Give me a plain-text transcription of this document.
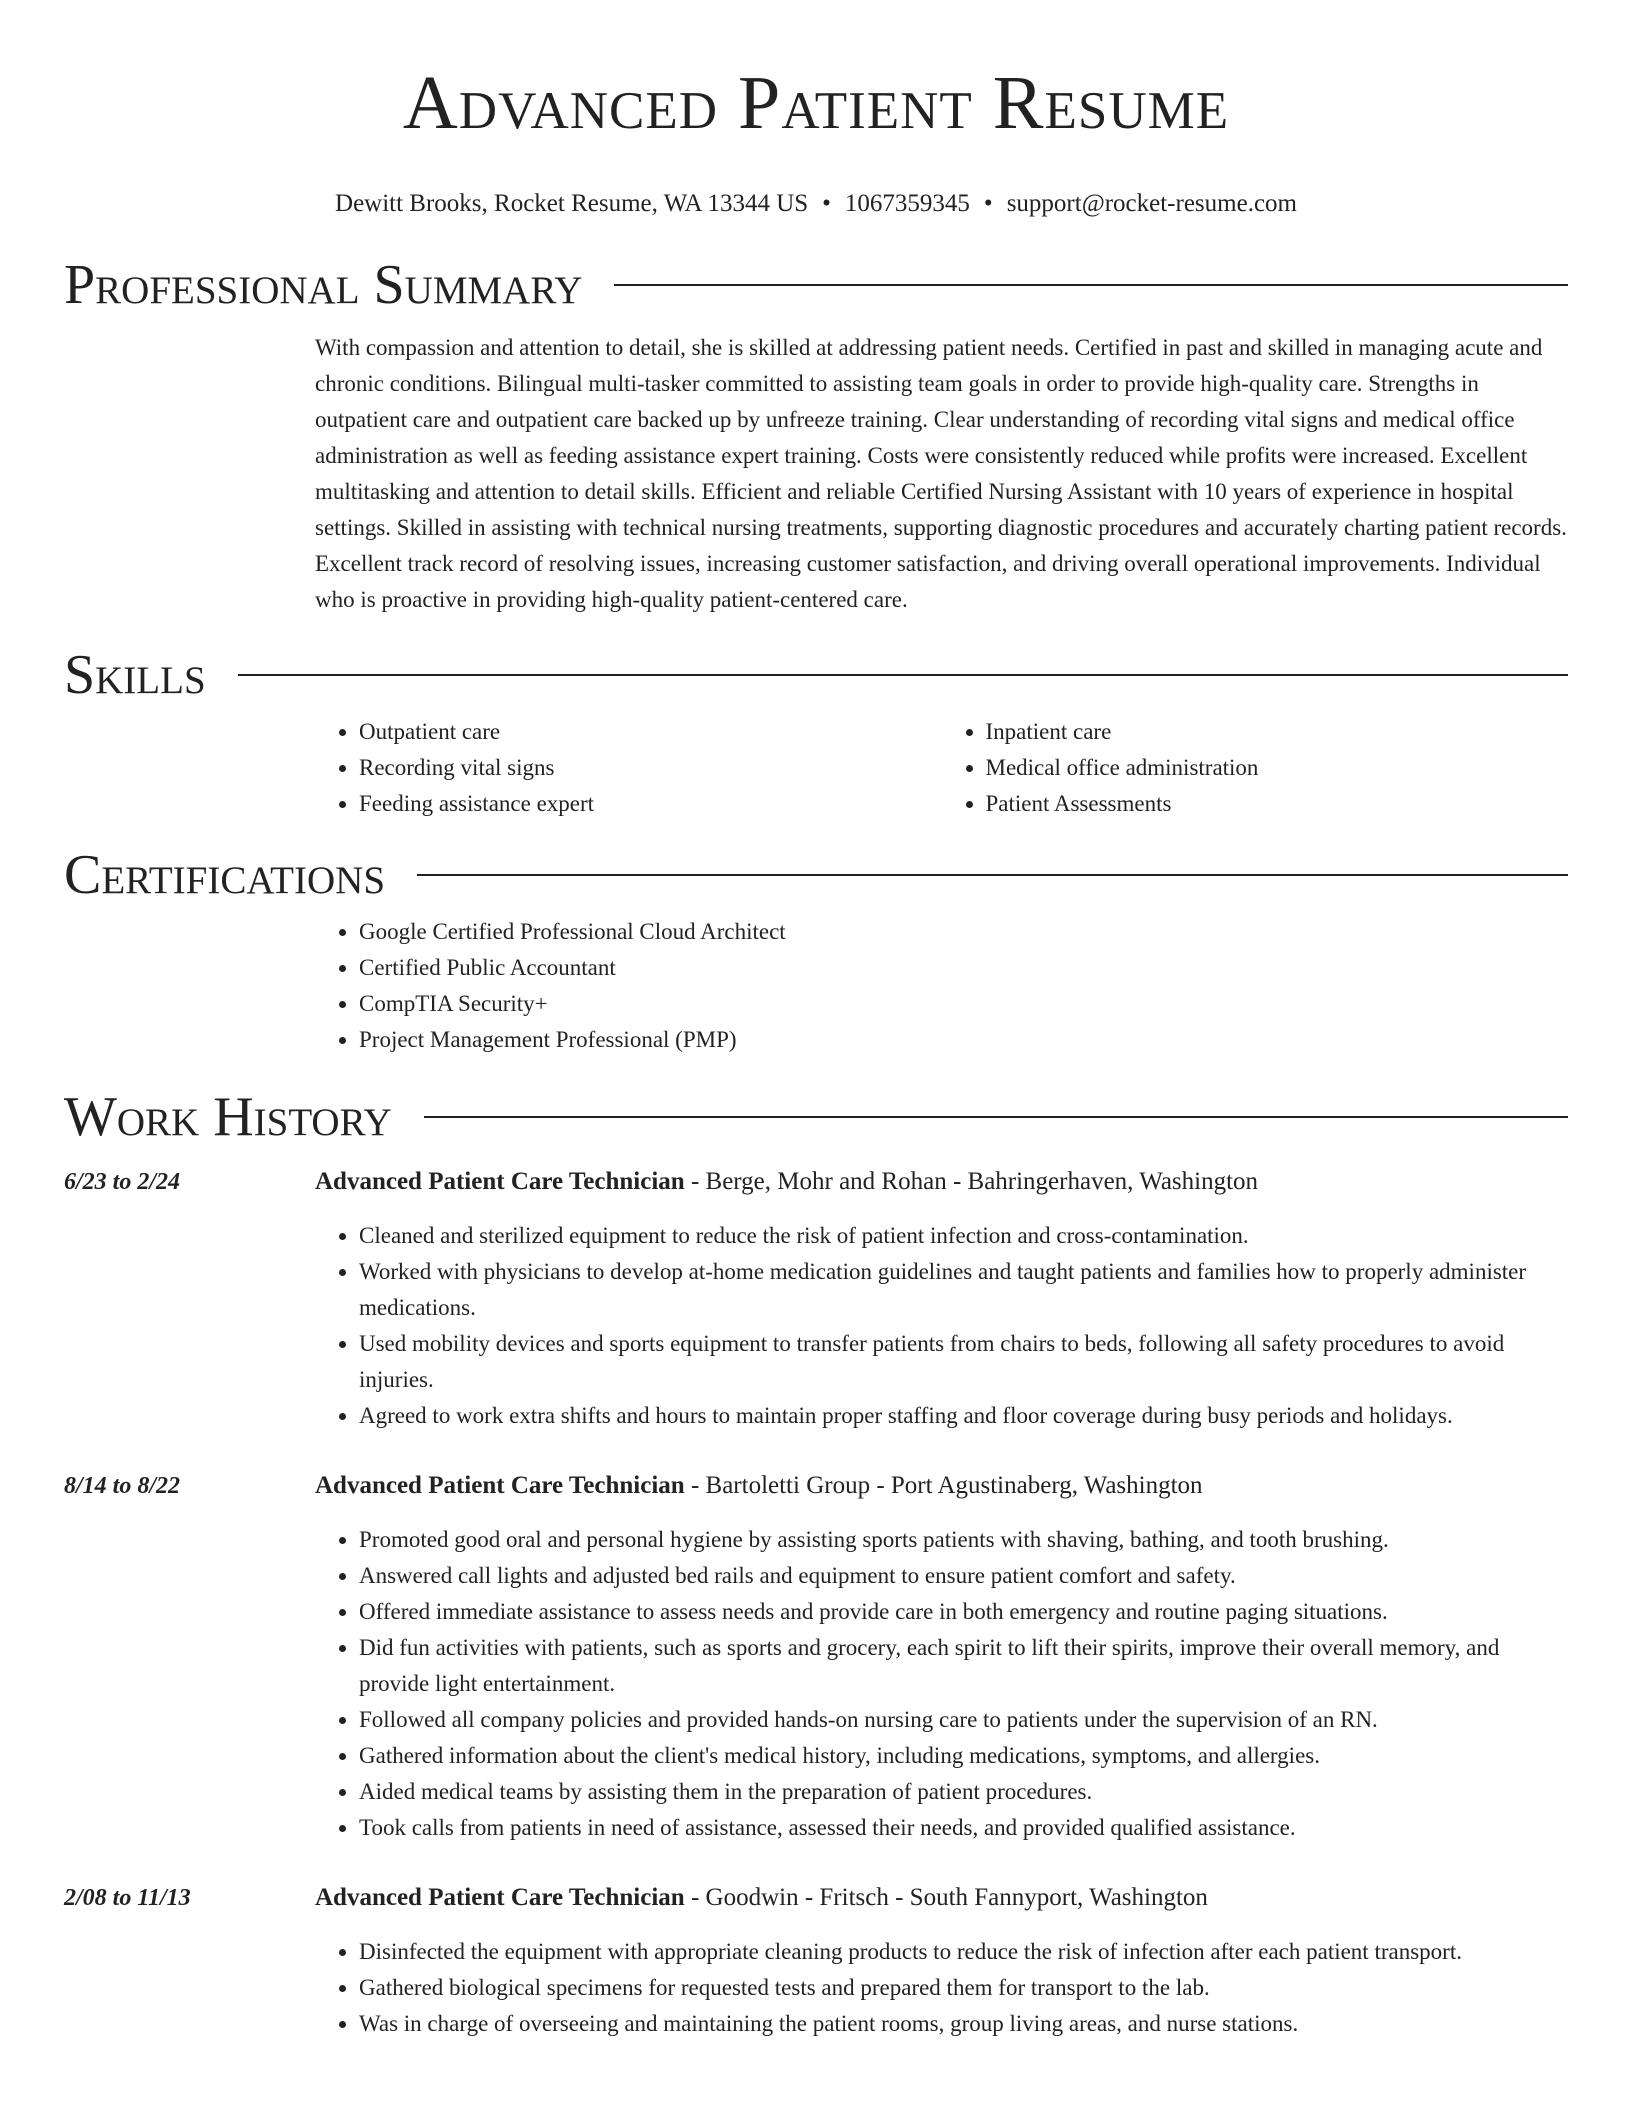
Advanced Patient Resume
Dewitt Brooks, Rocket Resume, WA 13344 US • 1067359345 • support@rocket-resume.com
Professional Summary

With compassion and attention to detail, she is skilled at addressing patient needs. Certified in past and skilled in managing acute and chronic conditions. Bilingual multi-tasker committed to assisting team goals in order to provide high-quality care. Strengths in outpatient care and outpatient care backed up by unfreeze training. Clear understanding of recording vital signs and medical office administration as well as feeding assistance expert training. Costs were consistently reduced while profits were increased. Excellent multitasking and attention to detail skills. Efficient and reliable Certified Nursing Assistant with 10 years of experience in hospital settings. Skilled in assisting with technical nursing treatments, supporting diagnostic procedures and accurately charting patient records. Excellent track record of resolving issues, increasing customer satisfaction, and driving overall operational improvements. Individual who is proactive in providing high-quality patient-centered care.

Skills
• Outpatient care
• Recording vital signs
• Feeding assistance expert
• Inpatient care
• Medical office administration
• Patient Assessments
Certifications
• Google Certified Professional Cloud Architect
• Certified Public Accountant
• CompTIA Security+
• Project Management Professional (PMP)
Work History
6/23 to 2/24	Advanced Patient Care Technician - Berge, Mohr and Rohan - Bahringerhaven, Washington
• Cleaned and sterilized equipment to reduce the risk of patient infection and cross-contamination.
• Worked with physicians to develop at-home medication guidelines and taught patients and families how to properly administer medications.
• Used mobility devices and sports equipment to transfer patients from chairs to beds, following all safety procedures to avoid injuries.
• Agreed to work extra shifts and hours to maintain proper staffing and floor coverage during busy periods and holidays.
8/14 to 8/22	Advanced Patient Care Technician - Bartoletti Group - Port Agustinaberg, Washington
• Promoted good oral and personal hygiene by assisting sports patients with shaving, bathing, and tooth brushing.
• Answered call lights and adjusted bed rails and equipment to ensure patient comfort and safety.
• Offered immediate assistance to assess needs and provide care in both emergency and routine paging situations.
• Did fun activities with patients, such as sports and grocery, each spirit to lift their spirits, improve their overall memory, and provide light entertainment.
• Followed all company policies and provided hands-on nursing care to patients under the supervision of an RN.
• Gathered information about the client's medical history, including medications, symptoms, and allergies.
• Aided medical teams by assisting them in the preparation of patient procedures.
• Took calls from patients in need of assistance, assessed their needs, and provided qualified assistance.
2/08 to 11/13	Advanced Patient Care Technician - Goodwin - Fritsch - South Fannyport, Washington
• Disinfected the equipment with appropriate cleaning products to reduce the risk of infection after each patient transport.
• Gathered biological specimens for requested tests and prepared them for transport to the lab.
• Was in charge of overseeing and maintaining the patient rooms, group living areas, and nurse stations.
